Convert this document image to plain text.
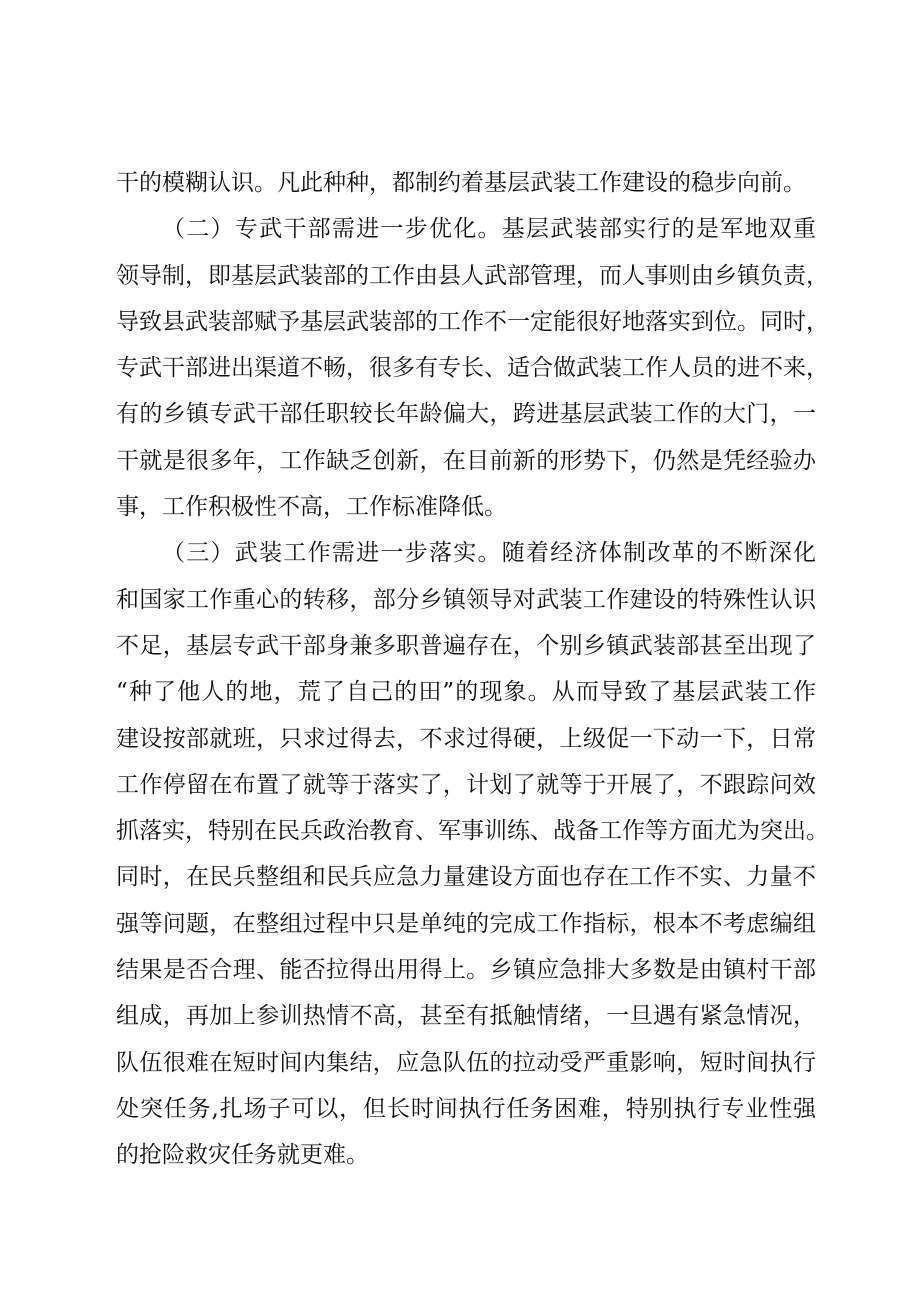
干的模糊认识。凡此种种，都制约着基层武装工作建设的稳步向前。
（二）专武干部需进一步优化。基层武装部实行的是军地双重
领导制，即基层武装部的工作由县人武部管理，而人事则由乡镇负责，
导致县武装部赋予基层武装部的工作不一定能很好地落实到位。同时，
专武干部进出渠道不畅，很多有专长、适合做武装工作人员的进不来，
有的乡镇专武干部任职较长年龄偏大，跨进基层武装工作的大门，一
干就是很多年，工作缺乏创新，在目前新的形势下，仍然是凭经验办
事，工作积极性不高，工作标准降低。
（三）武装工作需进一步落实。随着经济体制改革的不断深化
和国家工作重心的转移，部分乡镇领导对武装工作建设的特殊性认识
不足，基层专武干部身兼多职普遍存在，个别乡镇武装部甚至出现了
“种了他人的地，荒了自己的田”的现象。从而导致了基层武装工作
建设按部就班，只求过得去，不求过得硬，上级促一下动一下，日常
工作停留在布置了就等于落实了，计划了就等于开展了，不跟踪问效
抓落实，特别在民兵政治教育、军事训练、战备工作等方面尤为突出。
同时，在民兵整组和民兵应急力量建设方面也存在工作不实、力量不
强等问题，在整组过程中只是单纯的完成工作指标，根本不考虑编组
结果是否合理、能否拉得出用得上。乡镇应急排大多数是由镇村干部
组成，再加上参训热情不高，甚至有抵触情绪，一旦遇有紧急情况，
队伍很难在短时间内集结，应急队伍的拉动受严重影响，短时间执行
处突任务,扎场子可以，但长时间执行任务困难，特别执行专业性强
的抢险救灾任务就更难。
